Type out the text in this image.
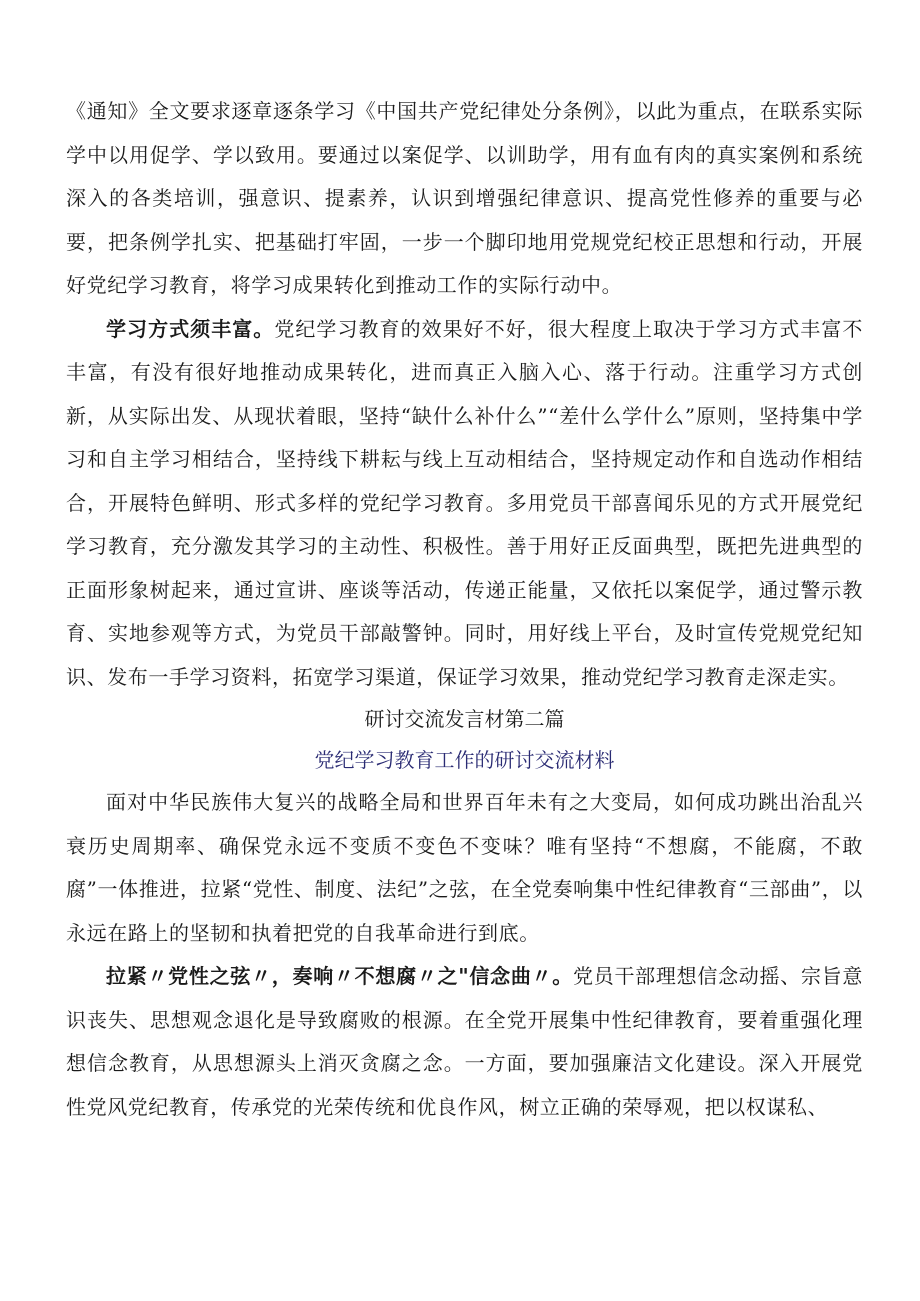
《通知》全文要求逐章逐条学习《中国共产党纪律处分条例》，以此为重点，在联系实际学中以用促学、学以致用。要通过以案促学、以训助学，用有血有肉的真实案例和系统深入的各类培训，强意识、提素养，认识到增强纪律意识、提高党性修养的重要与必要，把条例学扎实、把基础打牢固，一步一个脚印地用党规党纪校正思想和行动，开展好党纪学习教育，将学习成果转化到推动工作的实际行动中。

学习方式须丰富。党纪学习教育的效果好不好，很大程度上取决于学习方式丰富不丰富，有没有很好地推动成果转化，进而真正入脑入心、落于行动。注重学习方式创新，从实际出发、从现状着眼，坚持“缺什么补什么”“差什么学什么”原则，坚持集中学习和自主学习相结合，坚持线下耕耘与线上互动相结合，坚持规定动作和自选动作相结合，开展特色鲜明、形式多样的党纪学习教育。多用党员干部喜闻乐见的方式开展党纪学习教育，充分激发其学习的主动性、积极性。善于用好正反面典型，既把先进典型的正面形象树起来，通过宣讲、座谈等活动，传递正能量，又依托以案促学，通过警示教育、实地参观等方式，为党员干部敲警钟。同时，用好线上平台，及时宣传党规党纪知识、发布一手学习资料，拓宽学习渠道，保证学习效果，推动党纪学习教育走深走实。

研讨交流发言材第二篇

党纪学习教育工作的研讨交流材料

面对中华民族伟大复兴的战略全局和世界百年未有之大变局，如何成功跳出治乱兴衰历史周期率、确保党永远不变质不变色不变味？唯有坚持“不想腐，不能腐，不敢腐”一体推进，拉紧“党性、制度、法纪”之弦，在全党奏响集中性纪律教育“三部曲”，以永远在路上的坚韧和执着把党的自我革命进行到底。

拉紧〃党性之弦〃，奏响〃不想腐〃之"信念曲〃。党员干部理想信念动摇、宗旨意识丧失、思想观念退化是导致腐败的根源。在全党开展集中性纪律教育，要着重强化理想信念教育，从思想源头上消灭贪腐之念。一方面，要加强廉洁文化建设。深入开展党性党风党纪教育，传承党的光荣传统和优良作风，树立正确的荣辱观，把以权谋私、
